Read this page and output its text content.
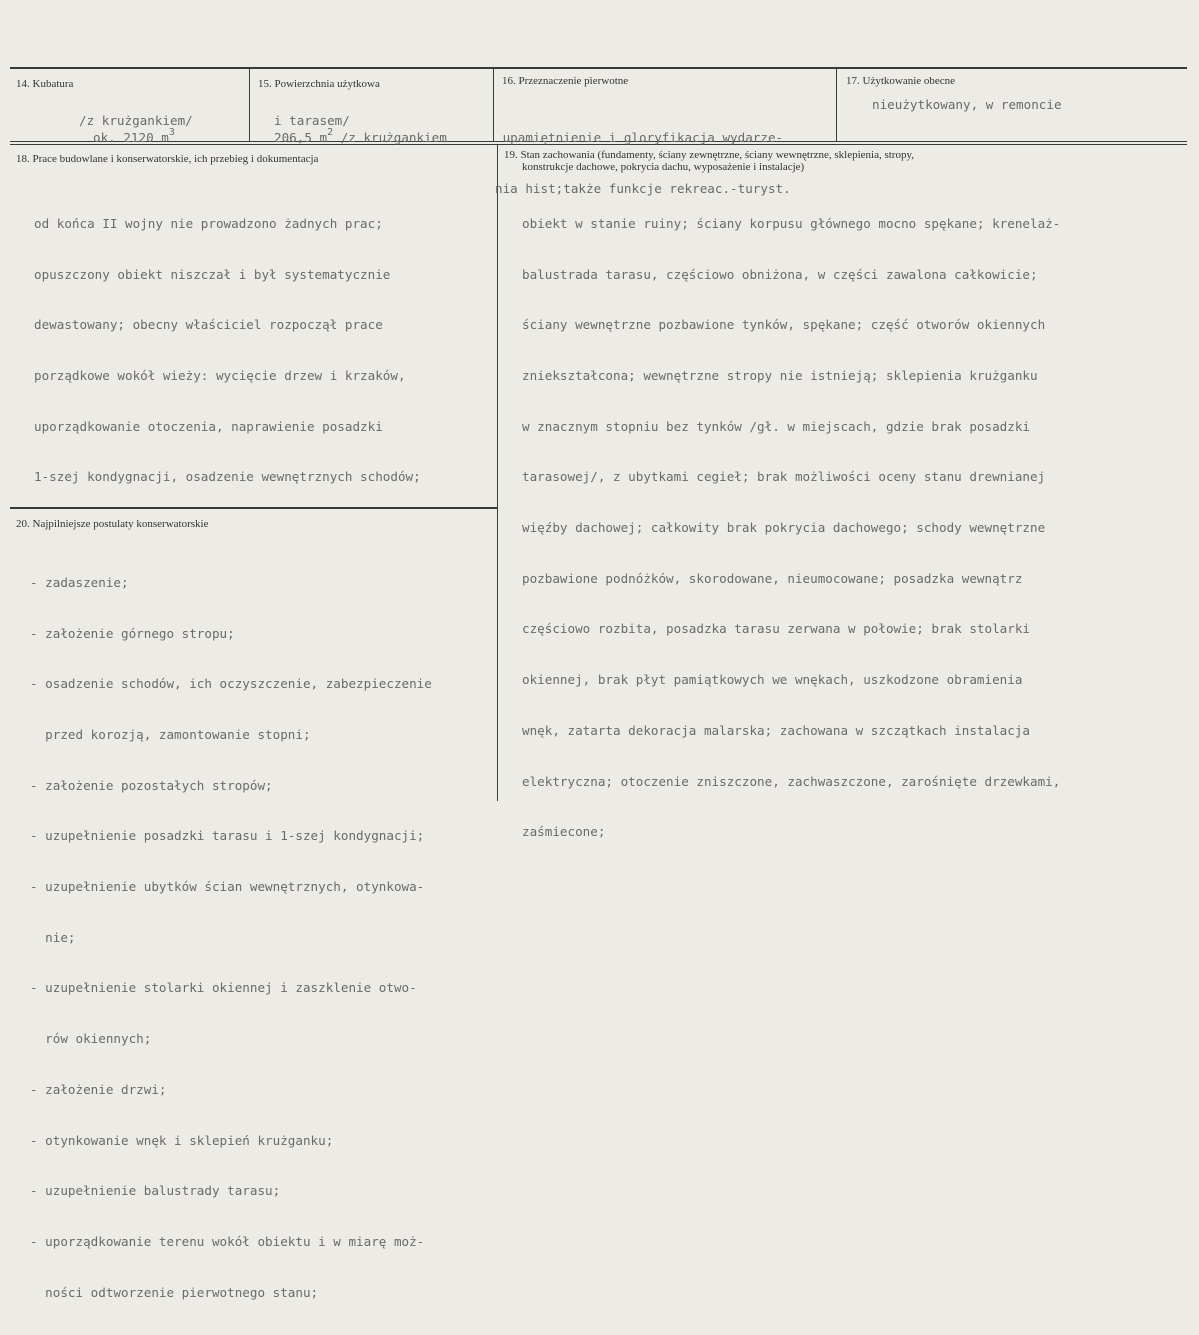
14. Kubatura

ok. 2120 $m^3$

/z krużgankiem/
15. Powierzchnia użytkowa

206,5 $m^2$ /z krużgankiem

i tarasem/
16. Przeznaczenie pierwotne

upamiętnienie i gloryfikacja wydarze-

nia hist;także funkcje rekreac.-turyst.

17. Użytkowanie obecne
nieużytkowany, w remoncie
18. Prace budowlane i konserwatorskie, ich przebieg i dokumentacja

od końca II wojny nie prowadzono żadnych prac;

opuszczony obiekt niszczał i był systematycznie

dewastowany; obecny właściciel rozpoczął prace

porządkowe wokół wieży: wycięcie drzew i krzaków,

uporządkowanie otoczenia, naprawienie posadzki

1-szej kondygnacji, osadzenie wewnętrznych schodów;

19. Stan zachowania (fundamenty, ściany zewnętrzne, ściany wewnętrzne, sklepienia, stropy,
konstrukcje dachowe, pokrycia dachu, wyposażenie i instalacje)

obiekt w stanie ruiny; ściany korpusu głównego mocno spękane; krenelaż-

balustrada tarasu, częściowo obniżona, w części zawalona całkowicie;

ściany wewnętrzne pozbawione tynków, spękane; część otworów okiennych

zniekształcona; wewnętrzne stropy nie istnieją; sklepienia krużganku

w znacznym stopniu bez tynków /gł. w miejscach, gdzie brak posadzki

tarasowej/, z ubytkami cegieł; brak możliwości oceny stanu drewnianej

więźby dachowej; całkowity brak pokrycia dachowego; schody wewnętrzne

pozbawione podnóżków, skorodowane, nieumocowane; posadzka wewnątrz

częściowo rozbita, posadzka tarasu zerwana w połowie; brak stolarki

okiennej, brak płyt pamiątkowych we wnękach, uszkodzone obramienia

wnęk, zatarta dekoracja malarska; zachowana w szczątkach instalacja

elektryczna; otoczenie zniszczone, zachwaszczone, zarośnięte drzewkami,

zaśmiecone;

20. Najpilniejsze postulaty konserwatorskie

- zadaszenie;

- założenie górnego stropu;

- osadzenie schodów, ich oczyszczenie, zabezpieczenie

przed korozją, zamontowanie stopni;

- założenie pozostałych stropów;

- uzupełnienie posadzki tarasu i 1-szej kondygnacji;

- uzupełnienie ubytków ścian wewnętrznych, otynkowa-

nie;

- uzupełnienie stolarki okiennej i zaszklenie otwo-

rów okiennych;

- założenie drzwi;

- otynkowanie wnęk i sklepień krużganku;

- uzupełnienie balustrady tarasu;

- uporządkowanie terenu wokół obiektu i w miarę moż-

ności odtworzenie pierwotnego stanu;
